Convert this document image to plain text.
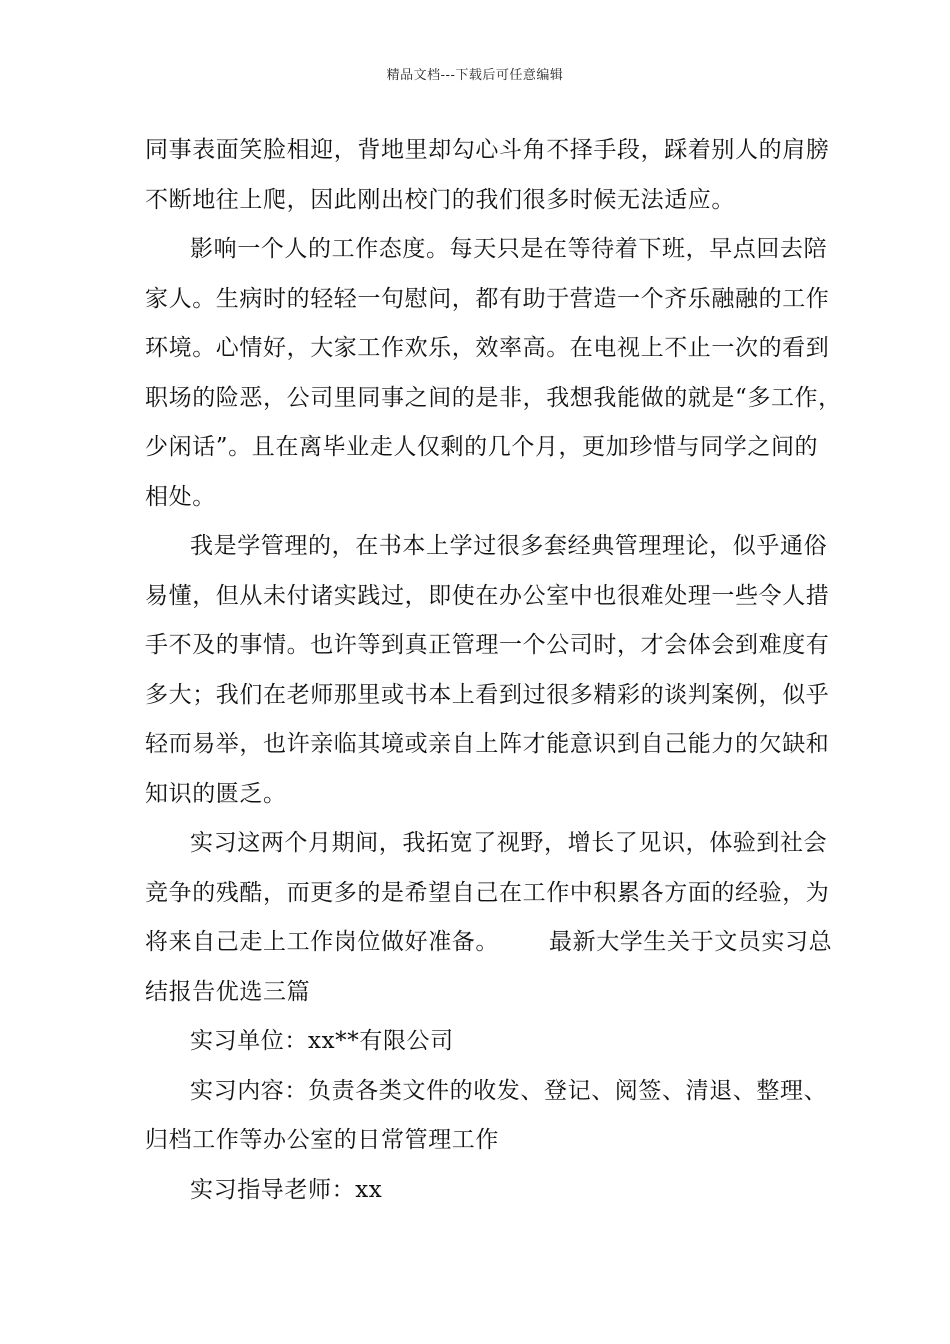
精品文档---下载后可任意编辑
同事表面笑脸相迎，背地里却勾心斗角不择手段，踩着别人的肩膀
不断地往上爬，因此刚出校门的我们很多时候无法适应。
影响一个人的工作态度。每天只是在等待着下班，早点回去陪
家人。生病时的轻轻一句慰问，都有助于营造一个齐乐融融的工作
环境。心情好，大家工作欢乐，效率高。在电视上不止一次的看到
职场的险恶，公司里同事之间的是非，我想我能做的就是“多工作，
少闲话”。且在离毕业走人仅剩的几个月，更加珍惜与同学之间的
相处。
我是学管理的，在书本上学过很多套经典管理理论，似乎通俗
易懂，但从未付诸实践过，即使在办公室中也很难处理一些令人措
手不及的事情。也许等到真正管理一个公司时，才会体会到难度有
多大；我们在老师那里或书本上看到过很多精彩的谈判案例，似乎
轻而易举，也许亲临其境或亲自上阵才能意识到自己能力的欠缺和
知识的匮乏。
实习这两个月期间，我拓宽了视野，增长了见识，体验到社会
竞争的残酷，而更多的是希望自己在工作中积累各方面的经验，为
将来自己走上工作岗位做好准备。 最新大学生关于文员实习总
结报告优选三篇
实习单位：xx**有限公司
实习内容：负责各类文件的收发、登记、阅签、清退、整理、
归档工作等办公室的日常管理工作
实习指导老师：xx
